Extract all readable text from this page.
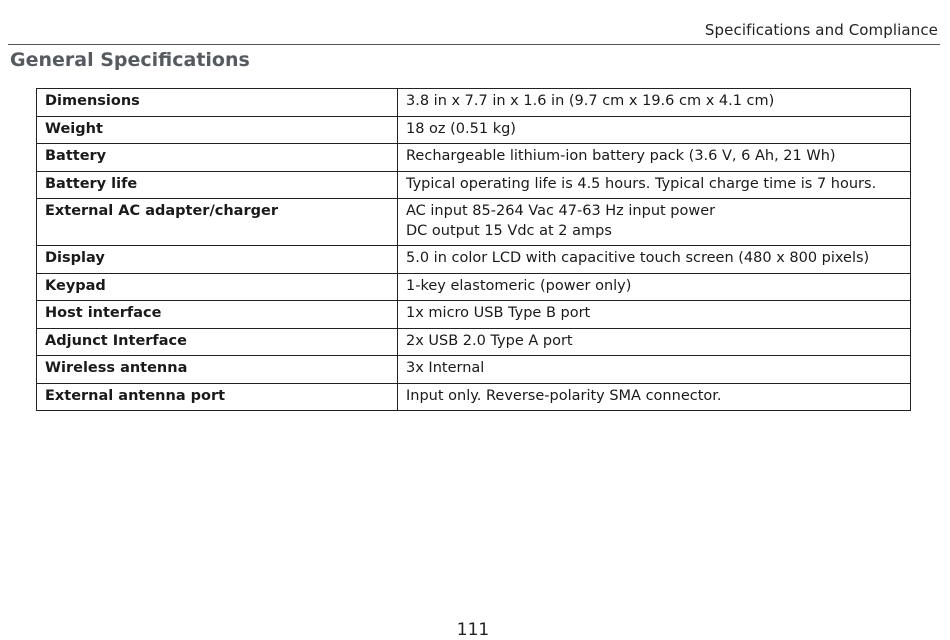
Specifications and Compliance
General Specifications
Dimensions	3.8 in x 7.7 in x 1.6 in (9.7 cm x 19.6 cm x 4.1 cm)

Weight	18 oz (0.51 kg)

Battery	Rechargeable lithium-ion battery pack (3.6 V, 6 Ah, 21 Wh)

Battery life	Typical operating life is 4.5 hours. Typical charge time is 7 hours.

External AC adapter/charger	AC input 85-264 Vac 47-63 Hz input power
DC output 15 Vdc at 2 amps

Display	5.0 in color LCD with capacitive touch screen (480 x 800 pixels)

Keypad	1-key elastomeric (power only)

Host interface	1x micro USB Type B port

Adjunct Interface	2x USB 2.0 Type A port

Wireless antenna	3x Internal

External antenna port	Input only. Reverse-polarity SMA connector.
111
